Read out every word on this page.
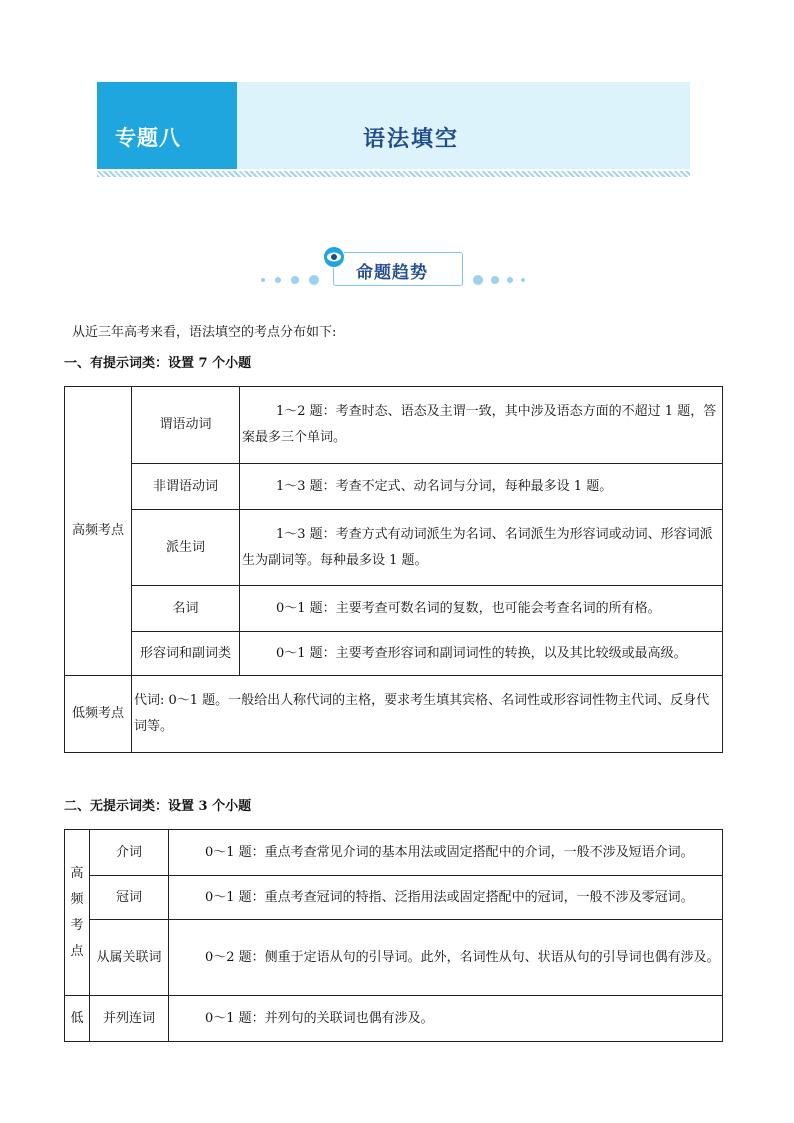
专题八	语法填空
命题趋势
从近三年高考来看，语法填空的考点分布如下:
一、有提示词类：设置 7 个小题
高频考点	谓语动词	1～2 题：考查时态、语态及主谓一致，其中涉及语态方面的不超过 1 题，答案最多三个单词。
	非谓语动词	1～3 题：考查不定式、动名词与分词，每种最多设 1 题。
	派生词	1～3 题：考查方式有动词派生为名词、名词派生为形容词或动词、形容词派生为副词等。每种最多设 1 题。
	名词	0～1 题：主要考查可数名词的复数，也可能会考查名词的所有格。
	形容词和副词类	0～1 题：主要考查形容词和副词词性的转换，以及其比较级或最高级。
低频考点	代词: 0～1 题。一般给出人称代词的主格，要求考生填其宾格、名词性或形容词性物主代词、反身代词等。	
二、无提示词类：设置 3 个小题
高
频
考
点	介词	0～1 题：重点考查常见介词的基本用法或固定搭配中的介词，一般不涉及短语介词。
	冠词	0～1 题：重点考查冠词的特指、泛指用法或固定搭配中的冠词，一般不涉及零冠词。
	从属关联词	0～2 题：侧重于定语从句的引导词。此外，名词性从句、状语从句的引导词也偶有涉及。
低	并列连词	0～1 题：并列句的关联词也偶有涉及。
